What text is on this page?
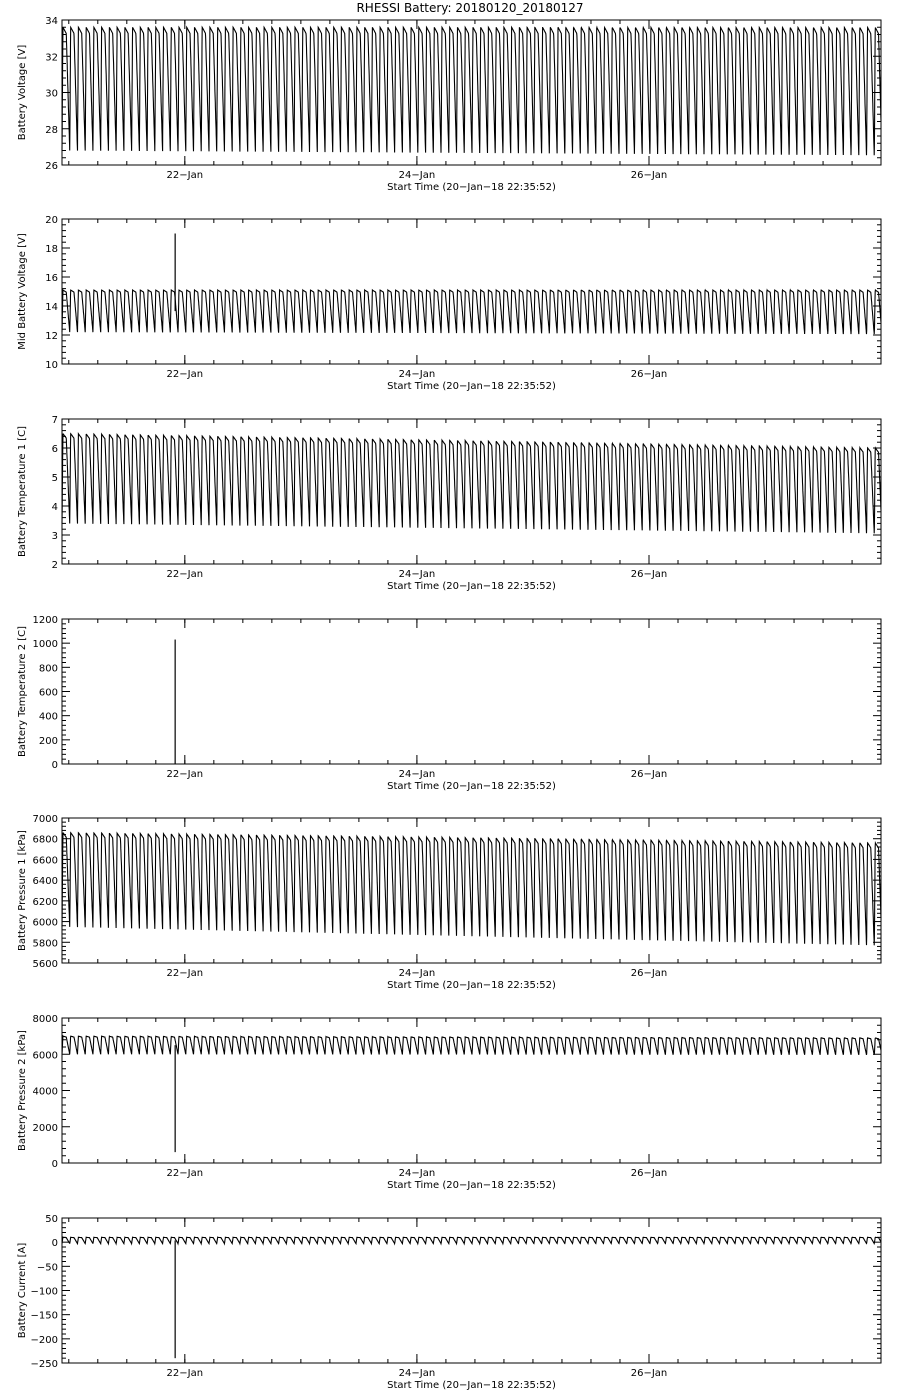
RHESSI Battery: 20180120_20180127
26
28
30
32
34
22−Jan	24−Jan	26−Jan
Start Time (20−Jan−18 22:35:52)
Battery Voltage [V]
10
12
14
16
18
20
22−Jan	24−Jan	26−Jan
Start Time (20−Jan−18 22:35:52)
Mid Battery Voltage [V]
2
3
4
5
6
7
22−Jan	24−Jan	26−Jan
Start Time (20−Jan−18 22:35:52)
Battery Temperature 1 [C]
0
200
400
600
800
1000
1200
22−Jan	24−Jan	26−Jan
Start Time (20−Jan−18 22:35:52)
Battery Temperature 2 [C]
5600
5800
6000
6200
6400
6600
6800
7000
22−Jan	24−Jan	26−Jan
Start Time (20−Jan−18 22:35:52)
Battery Pressure 1 [kPa]
0
2000
4000
6000
8000
22−Jan	24−Jan	26−Jan
Start Time (20−Jan−18 22:35:52)
Battery Pressure 2 [kPa]
−250
−200
−150
−100
−50
0
50
22−Jan	24−Jan	26−Jan
Start Time (20−Jan−18 22:35:52)
Battery Current [A]
